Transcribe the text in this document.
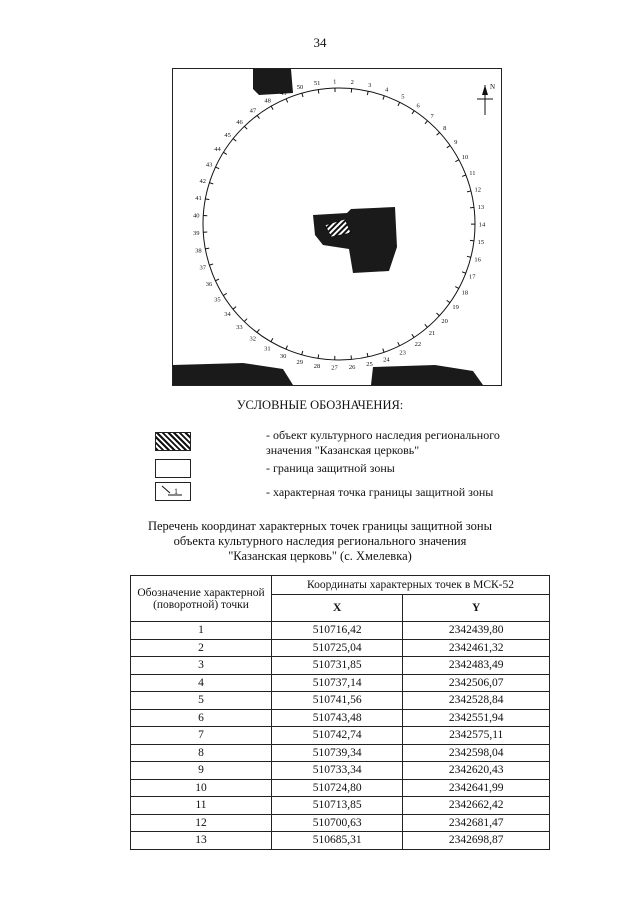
34
1 2 3
4
5
6
7
8
9
10
11
12
13
14
15
16
17
18
19
20
21
22
23
24
25
26
27
28
29
30
31
32
33
34
35
36
37
38
39
40
41
42
43
44
45
46
47
48
49
50
51	N
УСЛОВНЫЕ ОБОЗНАЧЕНИЯ:
- объект культурного наследия регионального
значения "Казанская церковь"
- граница защитной зоны
1	- характерная точка границы защитной зоны
Перечень координат характерных точек границы защитной зоны
объекта культурного наследия регионального значения
"Казанская церковь" (с. Хмелевка)
Обозначение характерной (поворотной) точки	Координаты характерных точек в МСК-52	
	X	Y
1	510716,42	2342439,80
2	510725,04	2342461,32
3	510731,85	2342483,49
4	510737,14	2342506,07
5	510741,56	2342528,84
6	510743,48	2342551,94
7	510742,74	2342575,11
8	510739,34	2342598,04
9	510733,34	2342620,43
10	510724,80	2342641,99
11	510713,85	2342662,42
12	510700,63	2342681,47
13	510685,31	2342698,87
